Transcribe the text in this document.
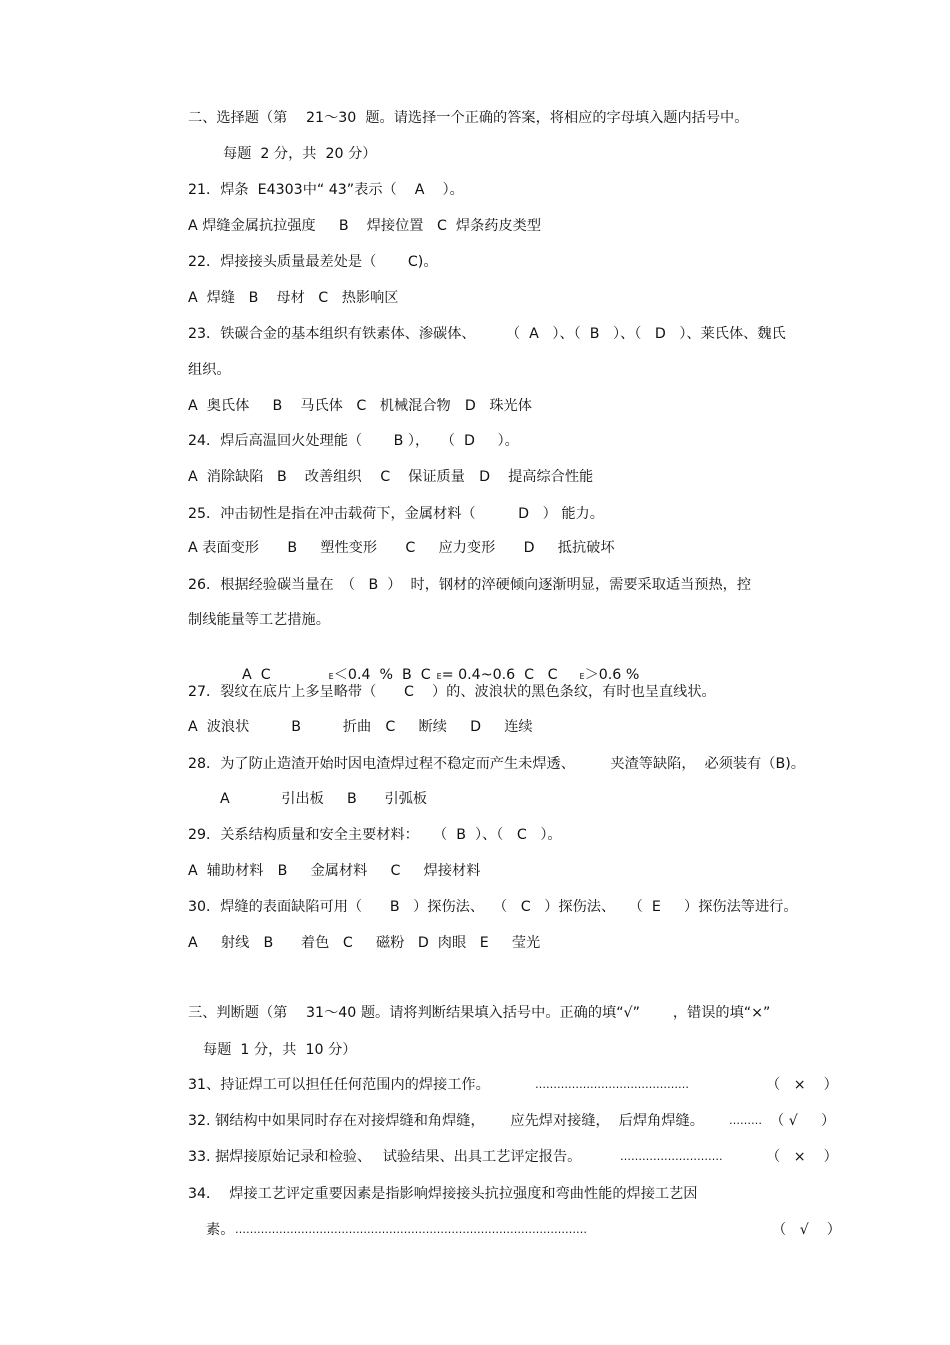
二、选择题（第　 21～30  题。请选择一个正确的答案，将相应的字母填入题内括号中。
每题  2 分，共  20 分）
21．焊条  E4303中“ 43”表示（    A    ）。
A 焊缝金属抗拉强度　  B    焊接位置   C  焊条药皮类型
22．焊接接头质量最差处是（       C)。
A  焊缝   B    母材   C   热影响区
23．铁碳合金的基本组织有铁素体、渗碳体、　　  （  A   ）、（  B   ）、（   D   ）、莱氏体、魏氏
组织。
A  奥氏体　  B    马氏体   C   机械混合物　D   珠光体
24．焊后高温回火处理能（       B ），　 （  D     ）。
A  消除缺陷   B    改善组织　 C    保证质量　D    提高综合性能
25．冲击韧性是指在冲击载荷下，金属材料（　　　D   ） 能力。
A 表面变形　　B　  塑性变形　　C　  应力变形　　D　  抵抗破坏
26．根据经验碳当量在　（   B  ）  时，钢材的淬硬倾向逐渐明显，需要采取适当预热，控
制线能量等工艺措施。

A  C	E＜0.4  %  B  C E= 0.4~0.6  C   C	E＞0.6 %

27．裂纹在底片上多呈略带（　   C    ）的、波浪状的黑色条纹，有时也呈直线状。
A  波浪状　　   B　　   折曲　C　  断续　  D　  连续
28．为了防止造渣开始时因电渣焊过程不稳定而产生未焊透、　　　夹渣等缺陷，  必须装有（B)。
A　　　  引出板　  B　   引弧板
29．关系结构质量和安全主要材料：　　（  B  ）、（   C   ）。
A  辅助材料　B　  金属材料　  C　  焊接材料
30．焊缝的表面缺陷可用（　   B   ）探伤法、  （   C   ）探伤法、   （  E　  ）探伤法等进行。
A　  射线　B　   着色   C　  磁粉   D  肉眼   E　  莹光
三、判断题（第　 31～40 题。请将判断结果填入括号中。正确的填“√”　　 ，错误的填“×”
每题  1 分，共  10 分）
31、持证焊工可以担任任何范围内的焊接工作。	……………………………………	（   ×    ）
32. 钢结构中如果同时存在对接焊缝和角焊缝，　　 应先焊对接缝，  后焊角焊缝。 ……… （ √　  ）
33. 据焊接原始记录和检验、　 试验结果、出具工艺评定报告。	……………………….	（   ×    ）
34．  焊接工艺评定重要因素是指影响焊接接头抗拉强度和弯曲性能的焊接工艺因
素。 ……………………………………………………………………………………	（   √    ）
